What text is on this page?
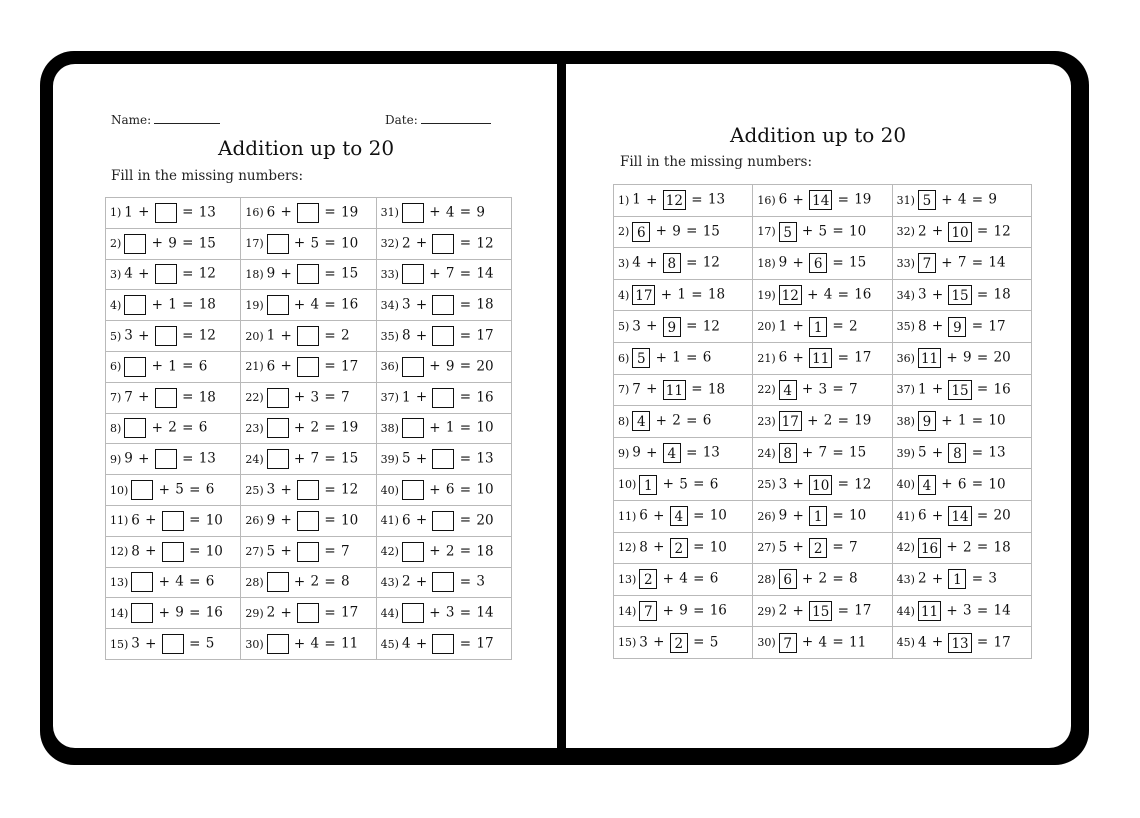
Name:	Date:
Addition up to 20
Fill in the missing numbers:
1) 1 +  = 13	16) 6 +  = 19	31) + 4 = 9
2) + 9 = 15	17) + 5 = 10	32) 2 +  = 12
3) 4 +  = 12	18) 9 +  = 15	33) + 7 = 14
4) + 1 = 18	19) + 4 = 16	34) 3 +  = 18
5) 3 +  = 12	20) 1 +  = 2	35) 8 +  = 17
6) + 1 = 6	21) 6 +  = 17	36) + 9 = 20
7) 7 +  = 18	22) + 3 = 7	37) 1 +  = 16
8) + 2 = 6	23) + 2 = 19	38) + 1 = 10
9) 9 +  = 13	24) + 7 = 15	39) 5 +  = 13
10) + 5 = 6	25) 3 +  = 12	40) + 6 = 10
11) 6 +  = 10	26) 9 +  = 10	41) 6 +  = 20
12) 8 +  = 10	27) 5 +  = 7	42) + 2 = 18
13) + 4 = 6	28) + 2 = 8	43) 2 +  = 3
14) + 9 = 16	29) 2 +  = 17	44) + 3 = 14
15) 3 +  = 5	30) + 4 = 11	45) 4 +  = 17
Addition up to 20
Fill in the missing numbers:
1) 1 + 12 = 13	16) 6 + 14 = 19	31) 5 + 4 = 9
2) 6 + 9 = 15	17) 5 + 5 = 10	32) 2 + 10 = 12
3) 4 + 8 = 12	18) 9 + 6 = 15	33) 7 + 7 = 14
4) 17 + 1 = 18	19) 12 + 4 = 16	34) 3 + 15 = 18
5) 3 + 9 = 12	20) 1 + 1 = 2	35) 8 + 9 = 17
6) 5 + 1 = 6	21) 6 + 11 = 17	36) 11 + 9 = 20
7) 7 + 11 = 18	22) 4 + 3 = 7	37) 1 + 15 = 16
8) 4 + 2 = 6	23) 17 + 2 = 19	38) 9 + 1 = 10
9) 9 + 4 = 13	24) 8 + 7 = 15	39) 5 + 8 = 13
10) 1 + 5 = 6	25) 3 + 10 = 12	40) 4 + 6 = 10
11) 6 + 4 = 10	26) 9 + 1 = 10	41) 6 + 14 = 20
12) 8 + 2 = 10	27) 5 + 2 = 7	42) 16 + 2 = 18
13) 2 + 4 = 6	28) 6 + 2 = 8	43) 2 + 1 = 3
14) 7 + 9 = 16	29) 2 + 15 = 17	44) 11 + 3 = 14
15) 3 + 2 = 5	30) 7 + 4 = 11	45) 4 + 13 = 17
